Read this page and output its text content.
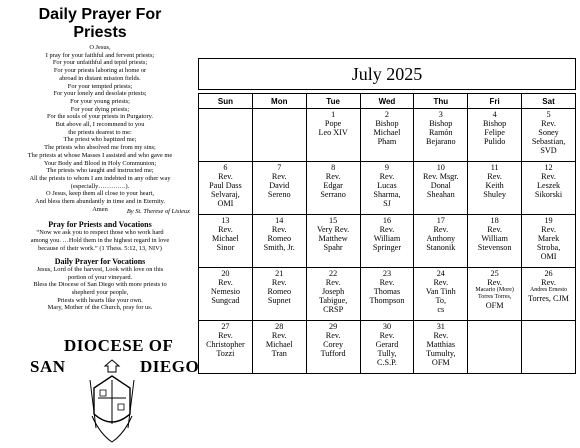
Daily Prayer For
Priests
O Jesus,
I pray for your faithful and fervent priests;
For your unfaithful and tepid priests;
For your priests laboring at home or
abroad in distant mission fields.
For your tempted priests;
For your lonely and desolate priests;
For your young priests;
For your dying priests;
For the souls of your priests in Purgatory.
But above all, I recommend to you
the priests dearest to me:
The priest who baptized me;
The priests who absolved me from my sins;
The priests at whose Masses I assisted and who gave me
Your Body and Blood in Holy Communion;
The priests who taught and instructed me;
All the priests to whom I am indebted in any other way
(especially………….).
O Jesus, keep them all close to your heart,
And bless them abundantly in time and in Eternity.
Amen	By St. Therese of Lisieux
Pray for Priests and Vocations
“Now we ask you to respect those who work hard
among you. …Hold them in the highest regard in love
because of their work.” (1 Thess. 5:12, 13, NIV)
Daily Prayer for Vocations
Jesus, Lord of the harvest, Look with love on this
portion of your vineyard.
Bless the Diocese of San Diego with more priests to
shepherd your people,
Priests with hearts like your own.
Mary, Mother of the Church, pray for us.
DIOCESE OF
SAN	DIEGO
July 2025
Sun	Mon	Tue	Wed	Thu	Fri	Sat

		1
Pope
Leo XIV	2
Bishop
Michael
Pham	3
Bishop
Ramón
Bejarano	4
Bishop
Felipe
Pulido	5
Rev.
Soney
Sebastian,
SVD

6
Rev.
Paul Dass
Selvaraj,
OMI	7
Rev.
David
Sereno	8
Rev.
Edgar
Serrano	9
Rev.
Lucas
Sharma,
SJ	10
Rev. Msgr.
Donal
Sheahan	11
Rev.
Keith
Shuley	12
Rev.
Leszek
Sikorski

13
Rev.
Michael
Sinor	14
Rev.
Romeo
Smith, Jr.	15
Very Rev.
Matthew
Spahr	16
Rev.
William
Springer	17
Rev.
Anthony
Stanonik	18
Rev.
William
Stevenson	19
Rev.
Marek
Stroba,
OMI

20
Rev.
Nemesio
Sungcad	21
Rev.
Romeo
Supnet	22
Rev.
Joseph
Tabigue,
CRSP	23
Rev.
Thomas
Thompson	24
Rev.
Van Tinh
To,
cs	25
Rev.
Macario (More)
Torres Torres,
OFM	26
Rev.
Andres Ernesto
Torres, CJM

27
Rev.
Christopher
Tozzi	28
Rev.
Michael
Tran	29
Rev.
Corey
Tufford	30
Rev.
Gerard
Tully,
C.S.P.	31
Rev.
Matthias
Tumulty,
OFM		
